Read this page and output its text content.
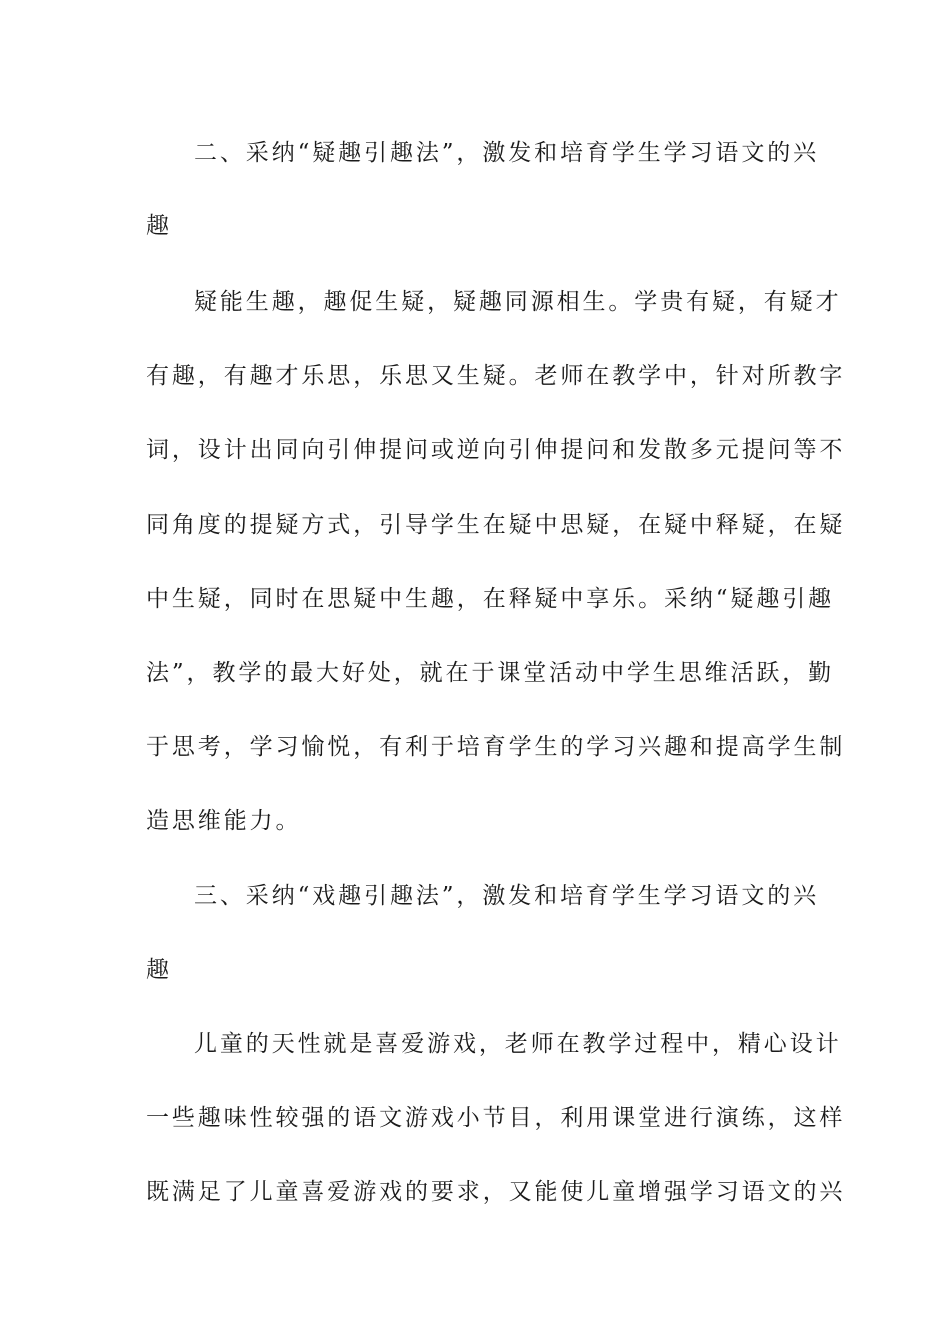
二、采纳“疑趣引趣法”，激发和培育学生学习语文的兴
趣
疑能生趣，趣促生疑，疑趣同源相生。学贵有疑，有疑才
有趣，有趣才乐思，乐思又生疑。老师在教学中，针对所教字
词，设计出同向引伸提问或逆向引伸提问和发散多元提问等不
同角度的提疑方式，引导学生在疑中思疑，在疑中释疑，在疑
中生疑，同时在思疑中生趣，在释疑中享乐。采纳“疑趣引趣
法”，教学的最大好处，就在于课堂活动中学生思维活跃，勤
于思考，学习愉悦，有利于培育学生的学习兴趣和提高学生制
造思维能力。
三、采纳“戏趣引趣法”，激发和培育学生学习语文的兴
趣
儿童的天性就是喜爱游戏，老师在教学过程中，精心设计
一些趣味性较强的语文游戏小节目，利用课堂进行演练，这样
既满足了儿童喜爱游戏的要求，又能使儿童增强学习语文的兴
